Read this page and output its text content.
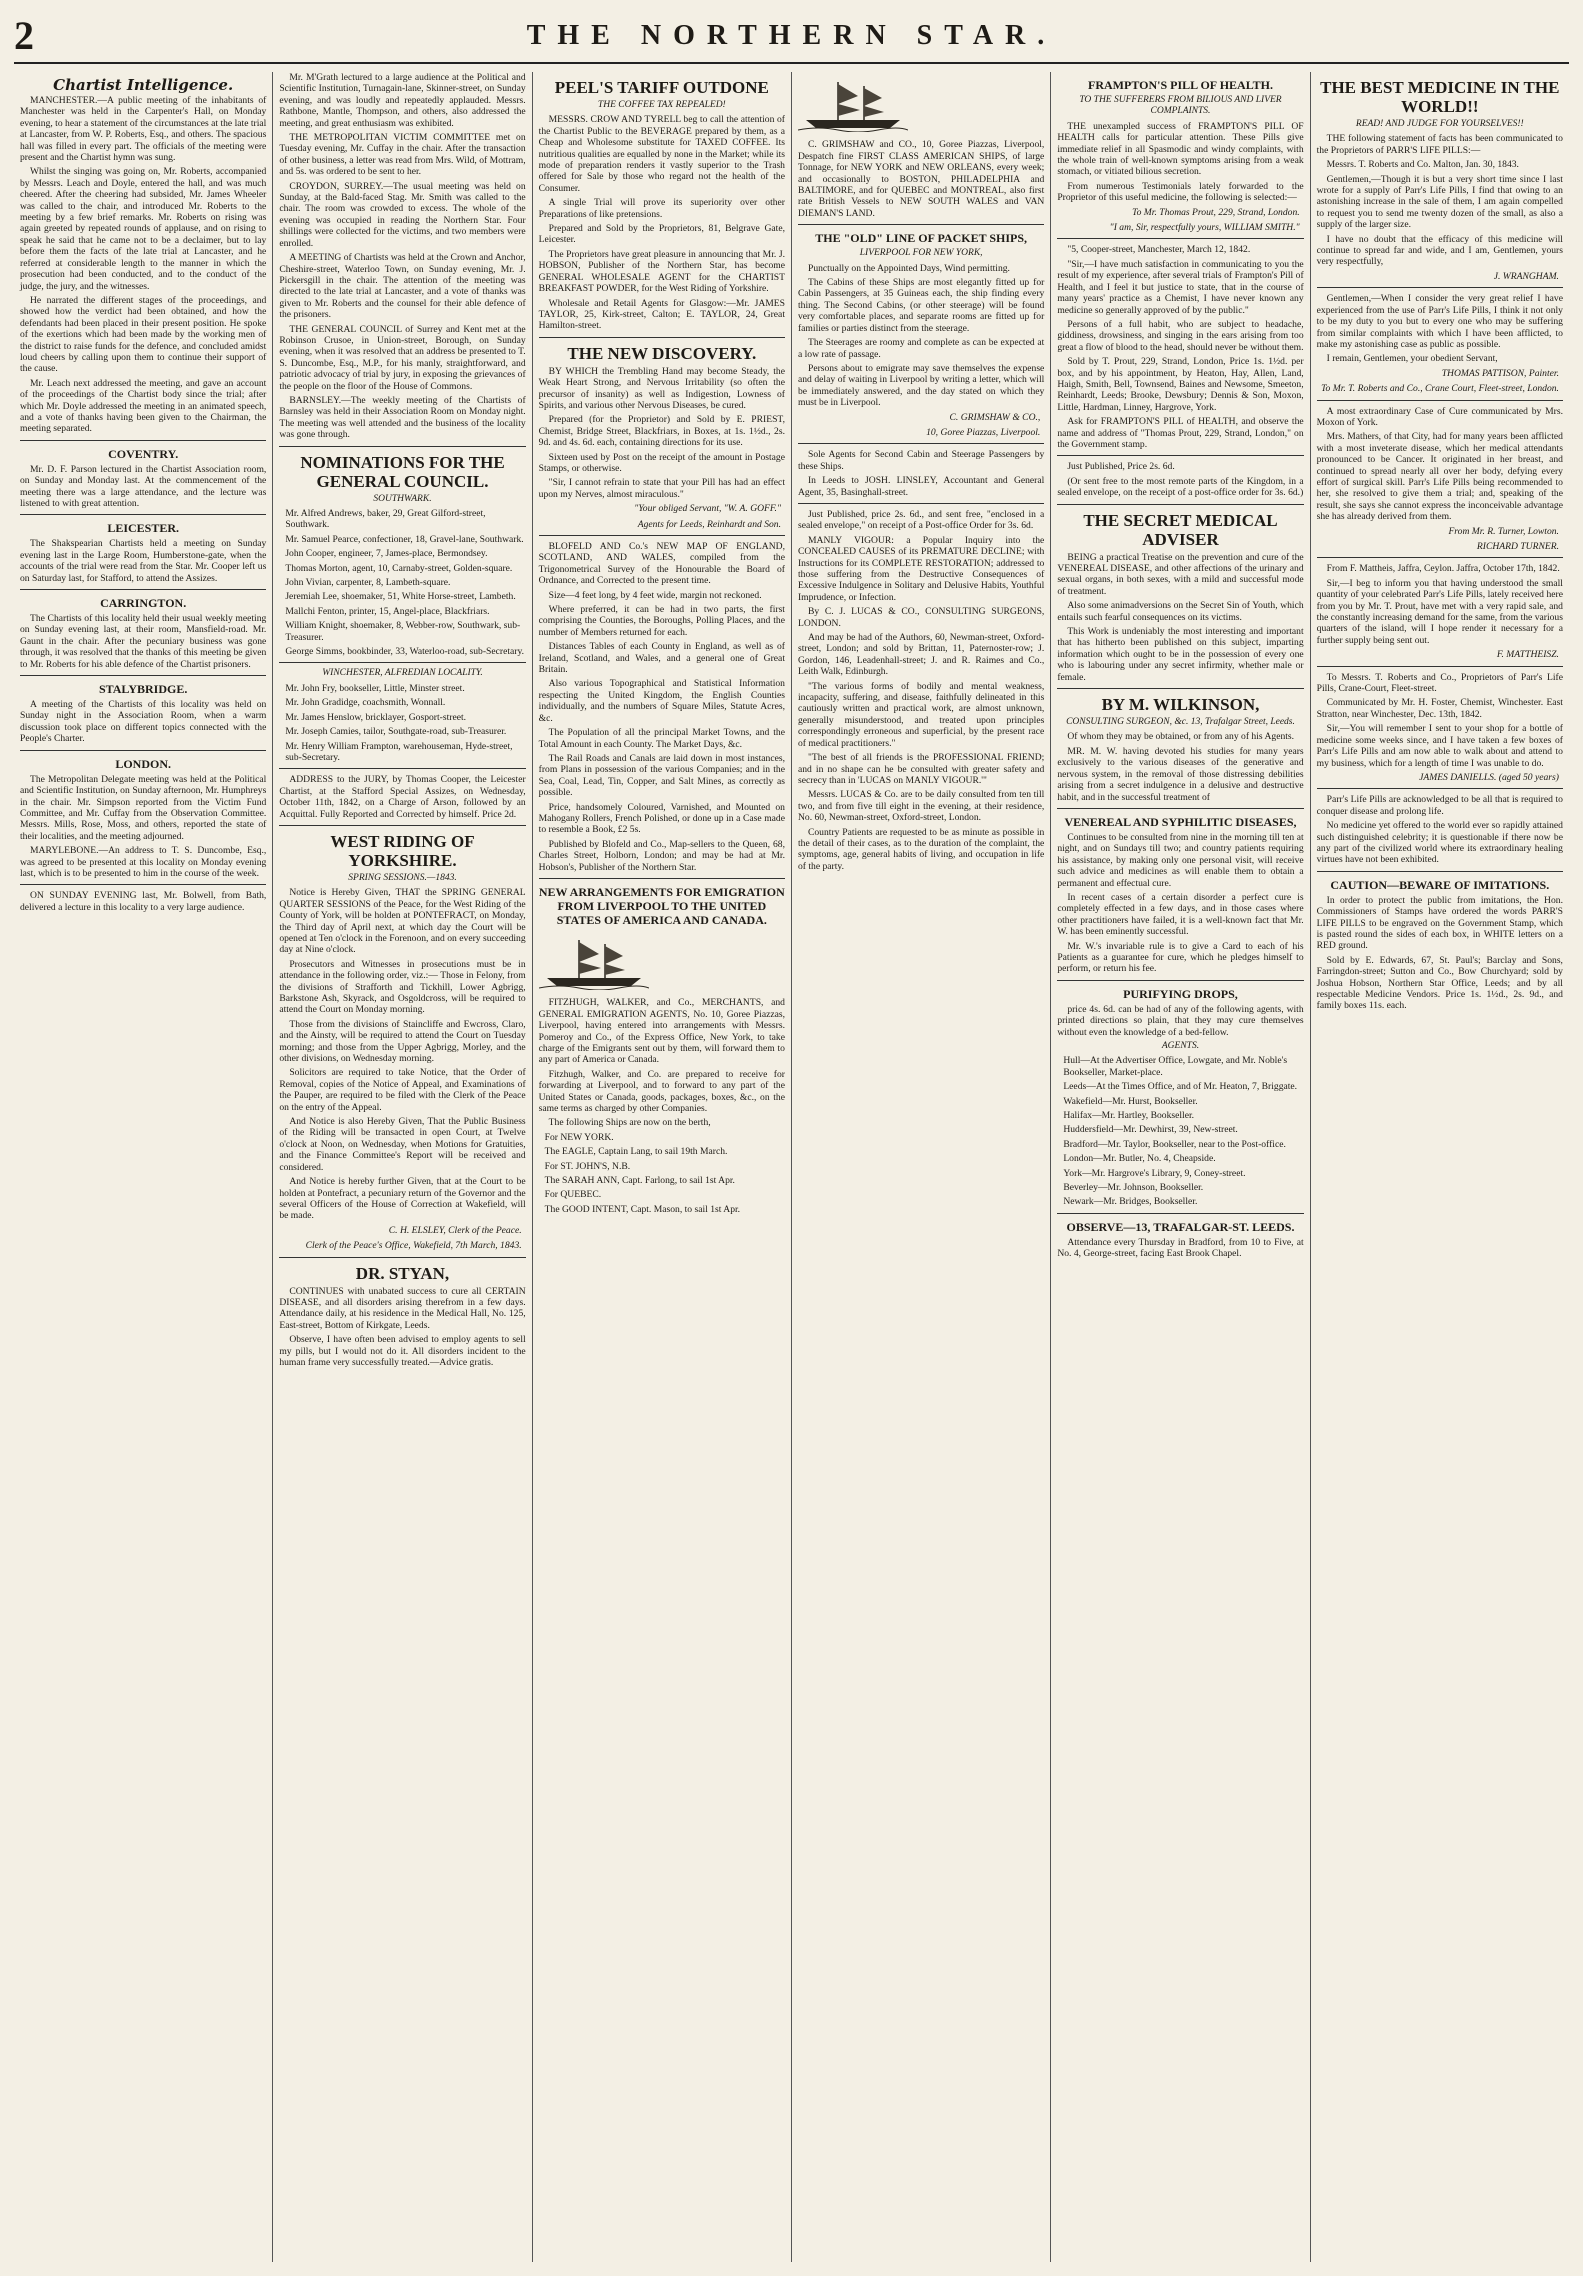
2	THE NORTHERN STAR.
Chartist Intelligence.

MANCHESTER.—A public meeting of the inhabitants of Manchester was held in the Carpenter's Hall, on Monday evening, to hear a statement of the circumstances at the late trial at Lancaster, from W. P. Roberts, Esq., and others. The spacious hall was filled in every part. The officials of the meeting were present and the Chartist hymn was sung.

Whilst the singing was going on, Mr. Roberts, accompanied by Messrs. Leach and Doyle, entered the hall, and was much cheered. After the cheering had subsided, Mr. James Wheeler was called to the chair, and introduced Mr. Roberts to the meeting by a few brief remarks. Mr. Roberts on rising was again greeted by repeated rounds of applause, and on rising to speak he said that he came not to be a declaimer, but to lay before them the facts of the late trial at Lancaster, and he referred at considerable length to the manner in which the prosecution had been conducted, and to the conduct of the judge, the jury, and the witnesses.

He narrated the different stages of the proceedings, and showed how the verdict had been obtained, and how the defendants had been placed in their present position. He spoke of the exertions which had been made by the working men of the district to raise funds for the defence, and concluded amidst loud cheers by calling upon them to continue their support of the cause.

Mr. Leach next addressed the meeting, and gave an account of the proceedings of the Chartist body since the trial; after which Mr. Doyle addressed the meeting in an animated speech, and a vote of thanks having been given to the Chairman, the meeting separated.

COVENTRY.

Mr. D. F. Parson lectured in the Chartist Association room, on Sunday and Monday last. At the commencement of the meeting there was a large attendance, and the lecture was listened to with great attention.

LEICESTER.

The Shakspearian Chartists held a meeting on Sunday evening last in the Large Room, Humberstone-gate, when the accounts of the trial were read from the Star. Mr. Cooper left us on Saturday last, for Stafford, to attend the Assizes.

CARRINGTON.

The Chartists of this locality held their usual weekly meeting on Sunday evening last, at their room, Mansfield-road. Mr. Gaunt in the chair. After the pecuniary business was gone through, it was resolved that the thanks of this meeting be given to Mr. Roberts for his able defence of the Chartist prisoners.

STALYBRIDGE.

A meeting of the Chartists of this locality was held on Sunday night in the Association Room, when a warm discussion took place on different topics connected with the People's Charter.

LONDON.

The Metropolitan Delegate meeting was held at the Political and Scientific Institution, on Sunday afternoon, Mr. Humphreys in the chair. Mr. Simpson reported from the Victim Fund Committee, and Mr. Cuffay from the Observation Committee. Messrs. Mills, Rose, Moss, and others, reported the state of their localities, and the meeting adjourned.

MARYLEBONE.—An address to T. S. Duncombe, Esq., was agreed to be presented at this locality on Monday evening last, which is to be presented to him in the course of the week.

ON SUNDAY EVENING last, Mr. Bolwell, from Bath, delivered a lecture in this locality to a very large audience.

Mr. M'Grath lectured to a large audience at the Political and Scientific Institution, Turnagain-lane, Skinner-street, on Sunday evening, and was loudly and repeatedly applauded. Messrs. Rathbone, Mantle, Thompson, and others, also addressed the meeting, and great enthusiasm was exhibited.

THE METROPOLITAN VICTIM COMMITTEE met on Tuesday evening, Mr. Cuffay in the chair. After the transaction of other business, a letter was read from Mrs. Wild, of Mottram, and 5s. was ordered to be sent to her.

CROYDON, SURREY.—The usual meeting was held on Sunday, at the Bald-faced Stag. Mr. Smith was called to the chair. The room was crowded to excess. The whole of the evening was occupied in reading the Northern Star. Four shillings were collected for the victims, and two members were enrolled.

A MEETING of Chartists was held at the Crown and Anchor, Cheshire-street, Waterloo Town, on Sunday evening, Mr. J. Pickersgill in the chair. The attention of the meeting was directed to the late trial at Lancaster, and a vote of thanks was given to Mr. Roberts and the counsel for their able defence of the prisoners.

THE GENERAL COUNCIL of Surrey and Kent met at the Robinson Crusoe, in Union-street, Borough, on Sunday evening, when it was resolved that an address be presented to T. S. Duncombe, Esq., M.P., for his manly, straightforward, and patriotic advocacy of trial by jury, in exposing the grievances of the people on the floor of the House of Commons.

BARNSLEY.—The weekly meeting of the Chartists of Barnsley was held in their Association Room on Monday night. The meeting was well attended and the business of the locality was gone through.

NOMINATIONS FOR THE GENERAL COUNCIL.
SOUTHWARK.

Mr. Alfred Andrews, baker, 29, Great Gilford-street, Southwark.

Mr. Samuel Pearce, confectioner, 18, Gravel-lane, Southwark.

John Cooper, engineer, 7, James-place, Bermondsey.

Thomas Morton, agent, 10, Carnaby-street, Golden-square.

John Vivian, carpenter, 8, Lambeth-square.

Jeremiah Lee, shoemaker, 51, White Horse-street, Lambeth.

Mallchi Fenton, printer, 15, Angel-place, Blackfriars.

William Knight, shoemaker, 8, Webber-row, Southwark, sub-Treasurer.

George Simms, bookbinder, 33, Waterloo-road, sub-Secretary.

WINCHESTER, ALFREDIAN LOCALITY.

Mr. John Fry, bookseller, Little, Minster street.

Mr. John Gradidge, coachsmith, Wonnall.

Mr. James Henslow, bricklayer, Gosport-street.

Mr. Joseph Camies, tailor, Southgate-road, sub-Treasurer.

Mr. Henry William Frampton, warehouseman, Hyde-street, sub-Secretary.

ADDRESS to the JURY, by Thomas Cooper, the Leicester Chartist, at the Stafford Special Assizes, on Wednesday, October 11th, 1842, on a Charge of Arson, followed by an Acquittal. Fully Reported and Corrected by himself. Price 2d.

WEST RIDING OF YORKSHIRE.
SPRING SESSIONS.—1843.

Notice is Hereby Given, THAT the SPRING GENERAL QUARTER SESSIONS of the Peace, for the West Riding of the County of York, will be holden at PONTEFRACT, on Monday, the Third day of April next, at which day the Court will be opened at Ten o'clock in the Forenoon, and on every succeeding day at Nine o'clock.

Prosecutors and Witnesses in prosecutions must be in attendance in the following order, viz.:— Those in Felony, from the divisions of Strafforth and Tickhill, Lower Agbrigg, Barkstone Ash, Skyrack, and Osgoldcross, will be required to attend the Court on Monday morning.

Those from the divisions of Staincliffe and Ewcross, Claro, and the Ainsty, will be required to attend the Court on Tuesday morning; and those from the Upper Agbrigg, Morley, and the other divisions, on Wednesday morning.

Solicitors are required to take Notice, that the Order of Removal, copies of the Notice of Appeal, and Examinations of the Pauper, are required to be filed with the Clerk of the Peace on the entry of the Appeal.

And Notice is also Hereby Given, That the Public Business of the Riding will be transacted in open Court, at Twelve o'clock at Noon, on Wednesday, when Motions for Gratuities, and the Finance Committee's Report will be received and considered.

And Notice is hereby further Given, that at the Court to be holden at Pontefract, a pecuniary return of the Governor and the several Officers of the House of Correction at Wakefield, will be made.

C. H. ELSLEY, Clerk of the Peace.
Clerk of the Peace's Office, Wakefield, 7th March, 1843.
DR. STYAN,

CONTINUES with unabated success to cure all CERTAIN DISEASE, and all disorders arising therefrom in a few days. Attendance daily, at his residence in the Medical Hall, No. 125, East-street, Bottom of Kirkgate, Leeds.

Observe, I have often been advised to employ agents to sell my pills, but I would not do it. All disorders incident to the human frame very successfully treated.—Advice gratis.

PEEL'S TARIFF OUTDONE
THE COFFEE TAX REPEALED!

MESSRS. CROW AND TYRELL beg to call the attention of the Chartist Public to the BEVERAGE prepared by them, as a Cheap and Wholesome substitute for TAXED COFFEE. Its nutritious qualities are equalled by none in the Market; while its mode of preparation renders it vastly superior to the Trash offered for Sale by those who regard not the health of the Consumer.

A single Trial will prove its superiority over other Preparations of like pretensions.

Prepared and Sold by the Proprietors, 81, Belgrave Gate, Leicester.

The Proprietors have great pleasure in announcing that Mr. J. HOBSON, Publisher of the Northern Star, has become GENERAL WHOLESALE AGENT for the CHARTIST BREAKFAST POWDER, for the West Riding of Yorkshire.

Wholesale and Retail Agents for Glasgow:—Mr. JAMES TAYLOR, 25, Kirk-street, Calton; E. TAYLOR, 24, Great Hamilton-street.

THE NEW DISCOVERY.

BY WHICH the Trembling Hand may become Steady, the Weak Heart Strong, and Nervous Irritability (so often the precursor of insanity) as well as Indigestion, Lowness of Spirits, and various other Nervous Diseases, be cured.

Prepared (for the Proprietor) and Sold by E. PRIEST, Chemist, Bridge Street, Blackfriars, in Boxes, at 1s. 1½d., 2s. 9d. and 4s. 6d. each, containing directions for its use.

Sixteen used by Post on the receipt of the amount in Postage Stamps, or otherwise.

"Sir, I cannot refrain to state that your Pill has had an effect upon my Nerves, almost miraculous."

"Your obliged Servant, "W. A. GOFF."
Agents for Leeds, Reinhardt and Son.

BLOFELD AND Co.'s NEW MAP OF ENGLAND, SCOTLAND, AND WALES, compiled from the Trigonometrical Survey of the Honourable the Board of Ordnance, and Corrected to the present time.

Size—4 feet long, by 4 feet wide, margin not reckoned.

Where preferred, it can be had in two parts, the first comprising the Counties, the Boroughs, Polling Places, and the number of Members returned for each.

Distances Tables of each County in England, as well as of Ireland, Scotland, and Wales, and a general one of Great Britain.

Also various Topographical and Statistical Information respecting the United Kingdom, the English Counties individually, and the numbers of Square Miles, Statute Acres, &c.

The Population of all the principal Market Towns, and the Total Amount in each County. The Market Days, &c.

The Rail Roads and Canals are laid down in most instances, from Plans in possession of the various Companies; and in the Sea, Coal, Lead, Tin, Copper, and Salt Mines, as correctly as possible.

Price, handsomely Coloured, Varnished, and Mounted on Mahogany Rollers, French Polished, or done up in a Case made to resemble a Book, £2 5s.

Published by Blofeld and Co., Map-sellers to the Queen, 68, Charles Street, Holborn, London; and may be had at Mr. Hobson's, Publisher of the Northern Star.

NEW ARRANGEMENTS FOR EMIGRATION FROM LIVERPOOL TO THE UNITED STATES OF AMERICA AND CANADA.

FITZHUGH, WALKER, and Co., MERCHANTS, and GENERAL EMIGRATION AGENTS, No. 10, Goree Piazzas, Liverpool, having entered into arrangements with Messrs. Pomeroy and Co., of the Express Office, New York, to take charge of the Emigrants sent out by them, will forward them to any part of America or Canada.

Fitzhugh, Walker, and Co. are prepared to receive for forwarding at Liverpool, and to forward to any part of the United States or Canada, goods, packages, boxes, &c., on the same terms as charged by other Companies.

The following Ships are now on the berth,

For NEW YORK.

The EAGLE, Captain Lang, to sail 19th March.

For ST. JOHN'S, N.B.

The SARAH ANN, Capt. Farlong, to sail 1st Apr.

For QUEBEC.

The GOOD INTENT, Capt. Mason, to sail 1st Apr.

C. GRIMSHAW and CO., 10, Goree Piazzas, Liverpool, Despatch fine FIRST CLASS AMERICAN SHIPS, of large Tonnage, for NEW YORK and NEW ORLEANS, every week; and occasionally to BOSTON, PHILADELPHIA and BALTIMORE, and for QUEBEC and MONTREAL, also first rate British Vessels to NEW SOUTH WALES and VAN DIEMAN'S LAND.

THE "OLD" LINE OF PACKET SHIPS,
LIVERPOOL FOR NEW YORK,

Punctually on the Appointed Days, Wind permitting.

The Cabins of these Ships are most elegantly fitted up for Cabin Passengers, at 35 Guineas each, the ship finding every thing. The Second Cabins, (or other steerage) will be found very comfortable places, and separate rooms are fitted up for families or parties distinct from the steerage.

The Steerages are roomy and complete as can be expected at a low rate of passage.

Persons about to emigrate may save themselves the expense and delay of waiting in Liverpool by writing a letter, which will be immediately answered, and the day stated on which they must be in Liverpool.

C. GRIMSHAW & CO.,
10, Goree Piazzas, Liverpool.

Sole Agents for Second Cabin and Steerage Passengers by these Ships.

In Leeds to JOSH. LINSLEY, Accountant and General Agent, 35, Basinghall-street.

Just Published, price 2s. 6d., and sent free, "enclosed in a sealed envelope," on receipt of a Post-office Order for 3s. 6d.

MANLY VIGOUR: a Popular Inquiry into the CONCEALED CAUSES of its PREMATURE DECLINE; with Instructions for its COMPLETE RESTORATION; addressed to those suffering from the Destructive Consequences of Excessive Indulgence in Solitary and Delusive Habits, Youthful Imprudence, or Infection.

By C. J. LUCAS & CO., CONSULTING SURGEONS, LONDON.

And may be had of the Authors, 60, Newman-street, Oxford-street, London; and sold by Brittan, 11, Paternoster-row; J. Gordon, 146, Leadenhall-street; J. and R. Raimes and Co., Leith Walk, Edinburgh.

"The various forms of bodily and mental weakness, incapacity, suffering, and disease, faithfully delineated in this cautiously written and practical work, are almost unknown, generally misunderstood, and treated upon principles correspondingly erroneous and superficial, by the present race of medical practitioners."

"The best of all friends is the PROFESSIONAL FRIEND; and in no shape can he be consulted with greater safety and secrecy than in 'LUCAS on MANLY VIGOUR.'"

Messrs. LUCAS & Co. are to be daily consulted from ten till two, and from five till eight in the evening, at their residence, No. 60, Newman-street, Oxford-street, London.

Country Patients are requested to be as minute as possible in the detail of their cases, as to the duration of the complaint, the symptoms, age, general habits of living, and occupation in life of the party.

FRAMPTON'S PILL OF HEALTH.
TO THE SUFFERERS FROM BILIOUS AND LIVER COMPLAINTS.

THE unexampled success of FRAMPTON'S PILL OF HEALTH calls for particular attention. These Pills give immediate relief in all Spasmodic and windy complaints, with the whole train of well-known symptoms arising from a weak stomach, or vitiated bilious secretion.

From numerous Testimonials lately forwarded to the Proprietor of this useful medicine, the following is selected:—

To Mr. Thomas Prout, 229, Strand, London.
"I am, Sir, respectfully yours, WILLIAM SMITH."

"5, Cooper-street, Manchester, March 12, 1842.

"Sir,—I have much satisfaction in communicating to you the result of my experience, after several trials of Frampton's Pill of Health, and I feel it but justice to state, that in the course of many years' practice as a Chemist, I have never known any medicine so generally approved of by the public."

Persons of a full habit, who are subject to headache, giddiness, drowsiness, and singing in the ears arising from too great a flow of blood to the head, should never be without them.

Sold by T. Prout, 229, Strand, London, Price 1s. 1½d. per box, and by his appointment, by Heaton, Hay, Allen, Land, Haigh, Smith, Bell, Townsend, Baines and Newsome, Smeeton, Reinhardt, Leeds; Brooke, Dewsbury; Dennis & Son, Moxon, Little, Hardman, Linney, Hargrove, York.

Ask for FRAMPTON'S PILL of HEALTH, and observe the name and address of "Thomas Prout, 229, Strand, London," on the Government stamp.

Just Published, Price 2s. 6d.

(Or sent free to the most remote parts of the Kingdom, in a sealed envelope, on the receipt of a post-office order for 3s. 6d.)

THE SECRET MEDICAL ADVISER

BEING a practical Treatise on the prevention and cure of the VENEREAL DISEASE, and other affections of the urinary and sexual organs, in both sexes, with a mild and successful mode of treatment.

Also some animadversions on the Secret Sin of Youth, which entails such fearful consequences on its victims.

This Work is undeniably the most interesting and important that has hitherto been published on this subject, imparting information which ought to be in the possession of every one who is labouring under any secret infirmity, whether male or female.

BY M. WILKINSON,
CONSULTING SURGEON, &c. 13, Trafalgar Street, Leeds.

Of whom they may be obtained, or from any of his Agents.

MR. M. W. having devoted his studies for many years exclusively to the various diseases of the generative and nervous system, in the removal of those distressing debilities arising from a secret indulgence in a delusive and destructive habit, and in the successful treatment of

VENEREAL AND SYPHILITIC DISEASES,

Continues to be consulted from nine in the morning till ten at night, and on Sundays till two; and country patients requiring his assistance, by making only one personal visit, will receive such advice and medicines as will enable them to obtain a permanent and effectual cure.

In recent cases of a certain disorder a perfect cure is completely effected in a few days, and in those cases where other practitioners have failed, it is a well-known fact that Mr. W. has been eminently successful.

Mr. W.'s invariable rule is to give a Card to each of his Patients as a guarantee for cure, which he pledges himself to perform, or return his fee.

PURIFYING DROPS,

price 4s. 6d. can be had of any of the following agents, with printed directions so plain, that they may cure themselves without even the knowledge of a bed-fellow.

AGENTS.

Hull—At the Advertiser Office, Lowgate, and Mr. Noble's Bookseller, Market-place.

Leeds—At the Times Office, and of Mr. Heaton, 7, Briggate.

Wakefield—Mr. Hurst, Bookseller.

Halifax—Mr. Hartley, Bookseller.

Huddersfield—Mr. Dewhirst, 39, New-street.

Bradford—Mr. Taylor, Bookseller, near to the Post-office.

London—Mr. Butler, No. 4, Cheapside.

York—Mr. Hargrove's Library, 9, Coney-street.

Beverley—Mr. Johnson, Bookseller.

Newark—Mr. Bridges, Bookseller.

OBSERVE—13, TRAFALGAR-ST. LEEDS.

Attendance every Thursday in Bradford, from 10 to Five, at No. 4, George-street, facing East Brook Chapel.

THE BEST MEDICINE IN THE WORLD!!
READ! AND JUDGE FOR YOURSELVES!!

THE following statement of facts has been communicated to the Proprietors of PARR'S LIFE PILLS:—

Messrs. T. Roberts and Co. Malton, Jan. 30, 1843.

Gentlemen,—Though it is but a very short time since I last wrote for a supply of Parr's Life Pills, I find that owing to an astonishing increase in the sale of them, I am again compelled to request you to send me twenty dozen of the small, as also a supply of the larger size.

I have no doubt that the efficacy of this medicine will continue to spread far and wide, and I am, Gentlemen, yours very respectfully,

J. WRANGHAM.

Gentlemen,—When I consider the very great relief I have experienced from the use of Parr's Life Pills, I think it not only to be my duty to you but to every one who may be suffering from similar complaints with which I have been afflicted, to make my astonishing case as public as possible.

I remain, Gentlemen, your obedient Servant,

THOMAS PATTISON, Painter.
To Mr. T. Roberts and Co., Crane Court, Fleet-street, London.

A most extraordinary Case of Cure communicated by Mrs. Moxon of York.

Mrs. Mathers, of that City, had for many years been afflicted with a most inveterate disease, which her medical attendants pronounced to be Cancer. It originated in her breast, and continued to spread nearly all over her body, defying every effort of surgical skill. Parr's Life Pills being recommended to her, she resolved to give them a trial; and, speaking of the result, she says she cannot express the inconceivable advantage she has already derived from them.

From Mr. R. Turner, Lowton.
RICHARD TURNER.

From F. Mattheis, Jaffra, Ceylon. Jaffra, October 17th, 1842.

Sir,—I beg to inform you that having understood the small quantity of your celebrated Parr's Life Pills, lately received here from you by Mr. T. Prout, have met with a very rapid sale, and the constantly increasing demand for the same, from the various quarters of the island, will I hope render it necessary for a further supply being sent out.

F. MATTHEISZ.

To Messrs. T. Roberts and Co., Proprietors of Parr's Life Pills, Crane-Court, Fleet-street.

Communicated by Mr. H. Foster, Chemist, Winchester. East Stratton, near Winchester, Dec. 13th, 1842.

Sir,—You will remember I sent to your shop for a bottle of medicine some weeks since, and I have taken a few boxes of Parr's Life Pills and am now able to walk about and attend to my business, which for a length of time I was unable to do.

JAMES DANIELLS. (aged 50 years)

Parr's Life Pills are acknowledged to be all that is required to conquer disease and prolong life.

No medicine yet offered to the world ever so rapidly attained such distinguished celebrity; it is questionable if there now be any part of the civilized world where its extraordinary healing virtues have not been exhibited.

CAUTION—BEWARE OF IMITATIONS.

In order to protect the public from imitations, the Hon. Commissioners of Stamps have ordered the words PARR'S LIFE PILLS to be engraved on the Government Stamp, which is pasted round the sides of each box, in WHITE letters on a RED ground.

Sold by E. Edwards, 67, St. Paul's; Barclay and Sons, Farringdon-street; Sutton and Co., Bow Churchyard; sold by Joshua Hobson, Northern Star Office, Leeds; and by all respectable Medicine Vendors. Price 1s. 1½d., 2s. 9d., and family boxes 11s. each.
